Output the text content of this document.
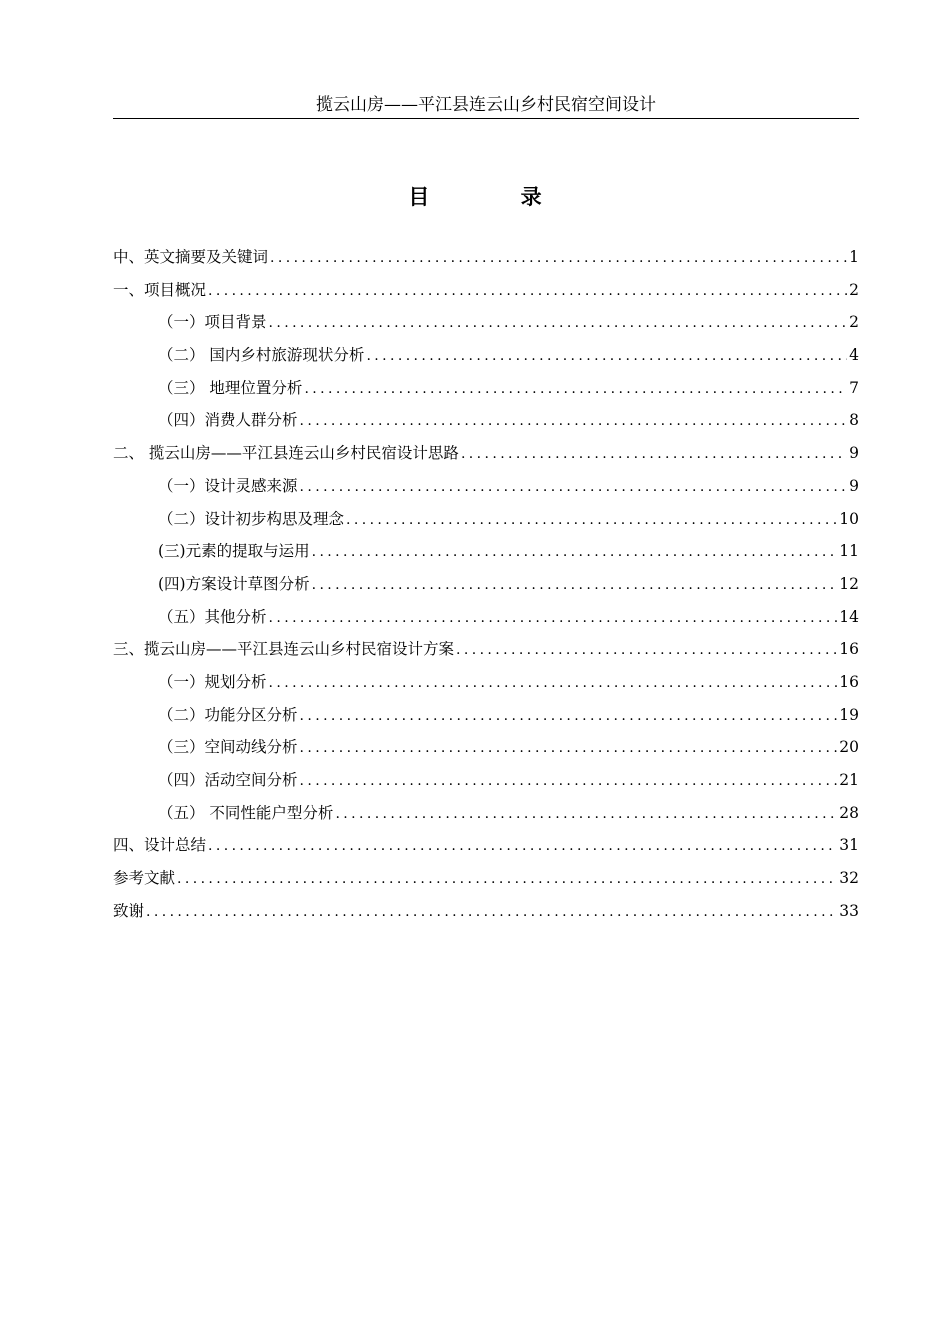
揽云山房——平江县连云山乡村民宿空间设计
目 录
中、英文摘要及关键词 .....	1
一、项目概况 .....	2
（一）项目背景 .....	2
（二） 国内乡村旅游现状分析 .....	4
（三） 地理位置分析 .....	7
（四）消费人群分析 .....	8
二、 揽云山房——平江县连云山乡村民宿设计思路 .....	9
（一）设计灵感来源 .....	9
（二）设计初步构思及理念 .....	10
(三)元素的提取与运用 .....	11
(四)方案设计草图分析 .....	12
（五）其他分析 .....	14
三、揽云山房——平江县连云山乡村民宿设计方案 .....	16
（一）规划分析 .....	16
（二）功能分区分析 .....	19
（三）空间动线分析 .....	20
（四）活动空间分析 .....	21
（五） 不同性能户型分析 .....	28
四、设计总结 .....	31
参考文献 .....	32
致谢 .....	33
